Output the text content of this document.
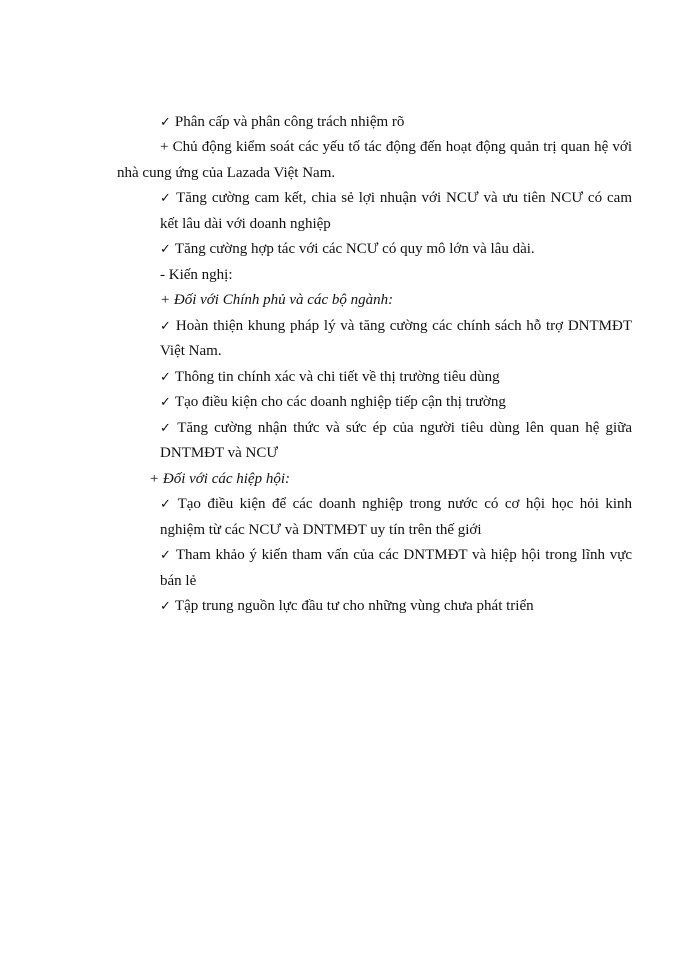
✓ Phân cấp và phân công trách nhiệm rõ
+ Chủ động kiểm soát các yếu tố tác động đến hoạt động quản trị quan hệ với
nhà cung ứng của Lazada Việt Nam.
✓ Tăng cường cam kết, chia sẻ lợi nhuận với NCƯ và ưu tiên NCƯ có cam
kết lâu dài với doanh nghiệp
✓ Tăng cường hợp tác với các NCƯ có quy mô lớn và lâu dài.
- Kiến nghị:
+ Đối với Chính phủ và các bộ ngành:
✓ Hoàn thiện khung pháp lý và tăng cường các chính sách hỗ trợ DNTMĐT
Việt Nam.
✓ Thông tin chính xác và chi tiết về thị trường tiêu dùng
✓ Tạo điều kiện cho các doanh nghiệp tiếp cận thị trường
✓ Tăng cường nhận thức và sức ép của người tiêu dùng lên quan hệ giữa
DNTMĐT và NCƯ
+ Đối với các hiệp hội:
✓ Tạo điều kiện để các doanh nghiệp trong nước có cơ hội học hỏi kinh
nghiệm từ các NCƯ và DNTMĐT uy tín trên thế giới
✓ Tham khảo ý kiến tham vấn của các DNTMĐT và hiệp hội trong lĩnh vực
bán lẻ
✓ Tập trung nguồn lực đầu tư cho những vùng chưa phát triển
